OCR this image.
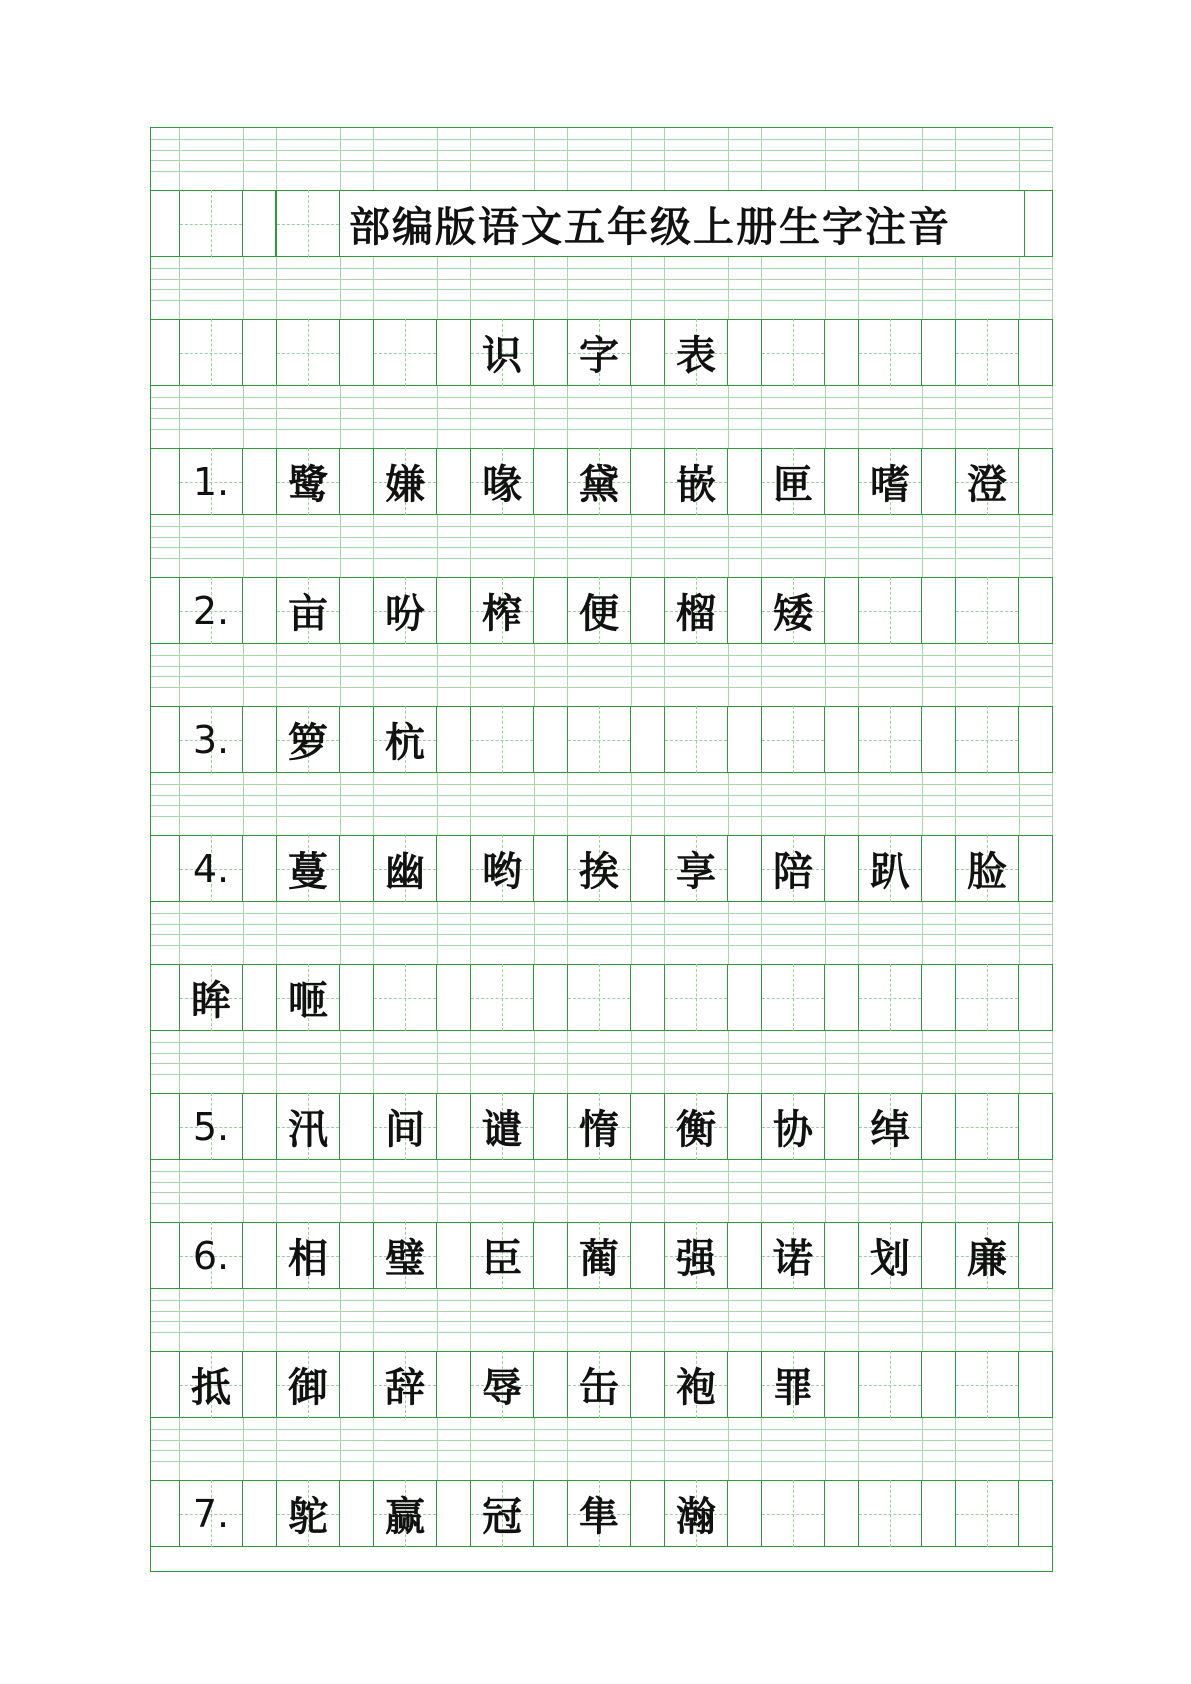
部编版语文五年级上册生字注音
识 字 表
1. 鹭 嫌 喙 黛 嵌 匣 嗜 澄
2. 亩 吩 榨 便 榴 矮
3. 箩 杭
4. 蔓 幽 哟 挨 享 陪 趴 脸
眸 咂
5. 汛 间 谴 惰 衡 协 绰
6. 相 璧 臣 蔺 强 诺 划 廉
抵 御 辞 辱 缶 袍 罪
7. 鸵 赢 冠 隼 瀚
